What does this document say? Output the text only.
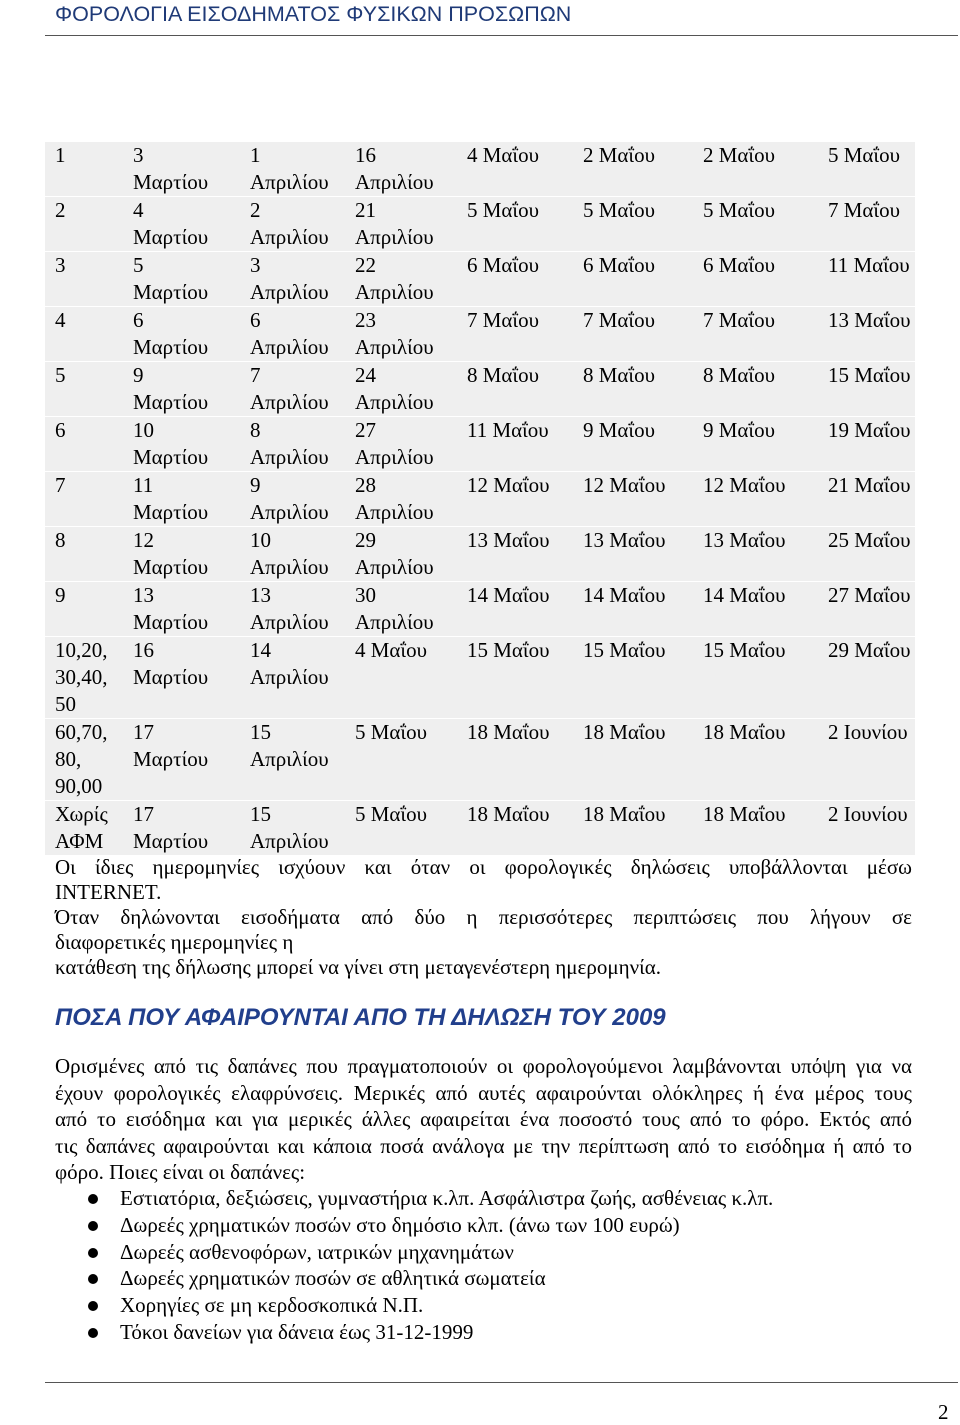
ΦΟΡΟΛΟΓΙΑ ΕΙΣΟΔΗΜΑΤΟΣ ΦΥΣΙΚΩΝ ΠΡΟΣΩΠΩΝ
1	3 Μαρτίου	1 Απριλίου	16 Απριλίου	4 Μαΐου	2 Μαΐου	2 Μαΐου	5 Μαΐου
2	4 Μαρτίου	2 Απριλίου	21 Απριλίου	5 Μαΐου	5 Μαΐου	5 Μαΐου	7 Μαΐου
3	5 Μαρτίου	3 Απριλίου	22 Απριλίου	6 Μαΐου	6 Μαΐου	6 Μαΐου	11 Μαΐου
4	6 Μαρτίου	6 Απριλίου	23 Απριλίου	7 Μαΐου	7 Μαΐου	7 Μαΐου	13 Μαΐου
5	9 Μαρτίου	7 Απριλίου	24 Απριλίου	8 Μαΐου	8 Μαΐου	8 Μαΐου	15 Μαΐου
6	10 Μαρτίου	8 Απριλίου	27 Απριλίου	11 Μαΐου	9 Μαΐου	9 Μαΐου	19 Μαΐου
7	11 Μαρτίου	9 Απριλίου	28 Απριλίου	12 Μαΐου	12 Μαΐου	12 Μαΐου	21 Μαΐου
8	12 Μαρτίου	10 Απριλίου	29 Απριλίου	13 Μαΐου	13 Μαΐου	13 Μαΐου	25 Μαΐου
9	13 Μαρτίου	13 Απριλίου	30 Απριλίου	14 Μαΐου	14 Μαΐου	14 Μαΐου	27 Μαΐου
10,20, 30,40, 50	16 Μαρτίου	14 Απριλίου	4 Μαΐου	15 Μαΐου	15 Μαΐου	15 Μαΐου	29 Μαΐου
60,70, 80, 90,00	17 Μαρτίου	15 Απριλίου	5 Μαΐου	18 Μαΐου	18 Μαΐου	18 Μαΐου	2 Ιουνίου
Χωρίς ΑΦΜ	17 Μαρτίου	15 Απριλίου	5 Μαΐου	18 Μαΐου	18 Μαΐου	18 Μαΐου	2 Ιουνίου
Οι ίδιες ημερομηνίες ισχύουν και όταν οι φορολογικές δηλώσεις υποβάλλονται μέσω
INTERNET.
Όταν δηλώνονται εισοδήματα από δύο η περισσότερες περιπτώσεις που λήγουν σε
διαφορετικές ημερομηνίες η
κατάθεση της δήλωσης μπορεί να γίνει στη μεταγενέστερη ημερομηνία.
ΠΟΣΑ ΠΟΥ ΑΦΑΙΡΟΥΝΤΑΙ ΑΠΟ ΤΗ ΔΗΛΩΣΗ ΤΟΥ 2009
Ορισμένες από τις δαπάνες που πραγματοποιούν οι φορολογούμενοι λαμβάνονται υπόψη για να
έχουν φορολογικές ελαφρύνσεις. Μερικές από αυτές αφαιρούνται ολόκληρες ή ένα μέρος τους
από το εισόδημα και για μερικές άλλες αφαιρείται ένα ποσοστό τους από το φόρο. Εκτός από
τις δαπάνες αφαιρούνται και κάποια ποσά ανάλογα με την περίπτωση από το εισόδημα ή από το
φόρο. Ποιες είναι οι δαπάνες:
Εστιατόρια, δεξιώσεις, γυμναστήρια κ.λπ. Ασφάλιστρα ζωής, ασθένειας κ.λπ.
Δωρεές χρηματικών ποσών στο δημόσιο κλπ. (άνω των 100 ευρώ)
Δωρεές ασθενοφόρων, ιατρικών μηχανημάτων
Δωρεές χρηματικών ποσών σε αθλητικά σωματεία
Χορηγίες σε μη κερδοσκοπικά Ν.Π.
Τόκοι δανείων για δάνεια έως 31-12-1999
2
